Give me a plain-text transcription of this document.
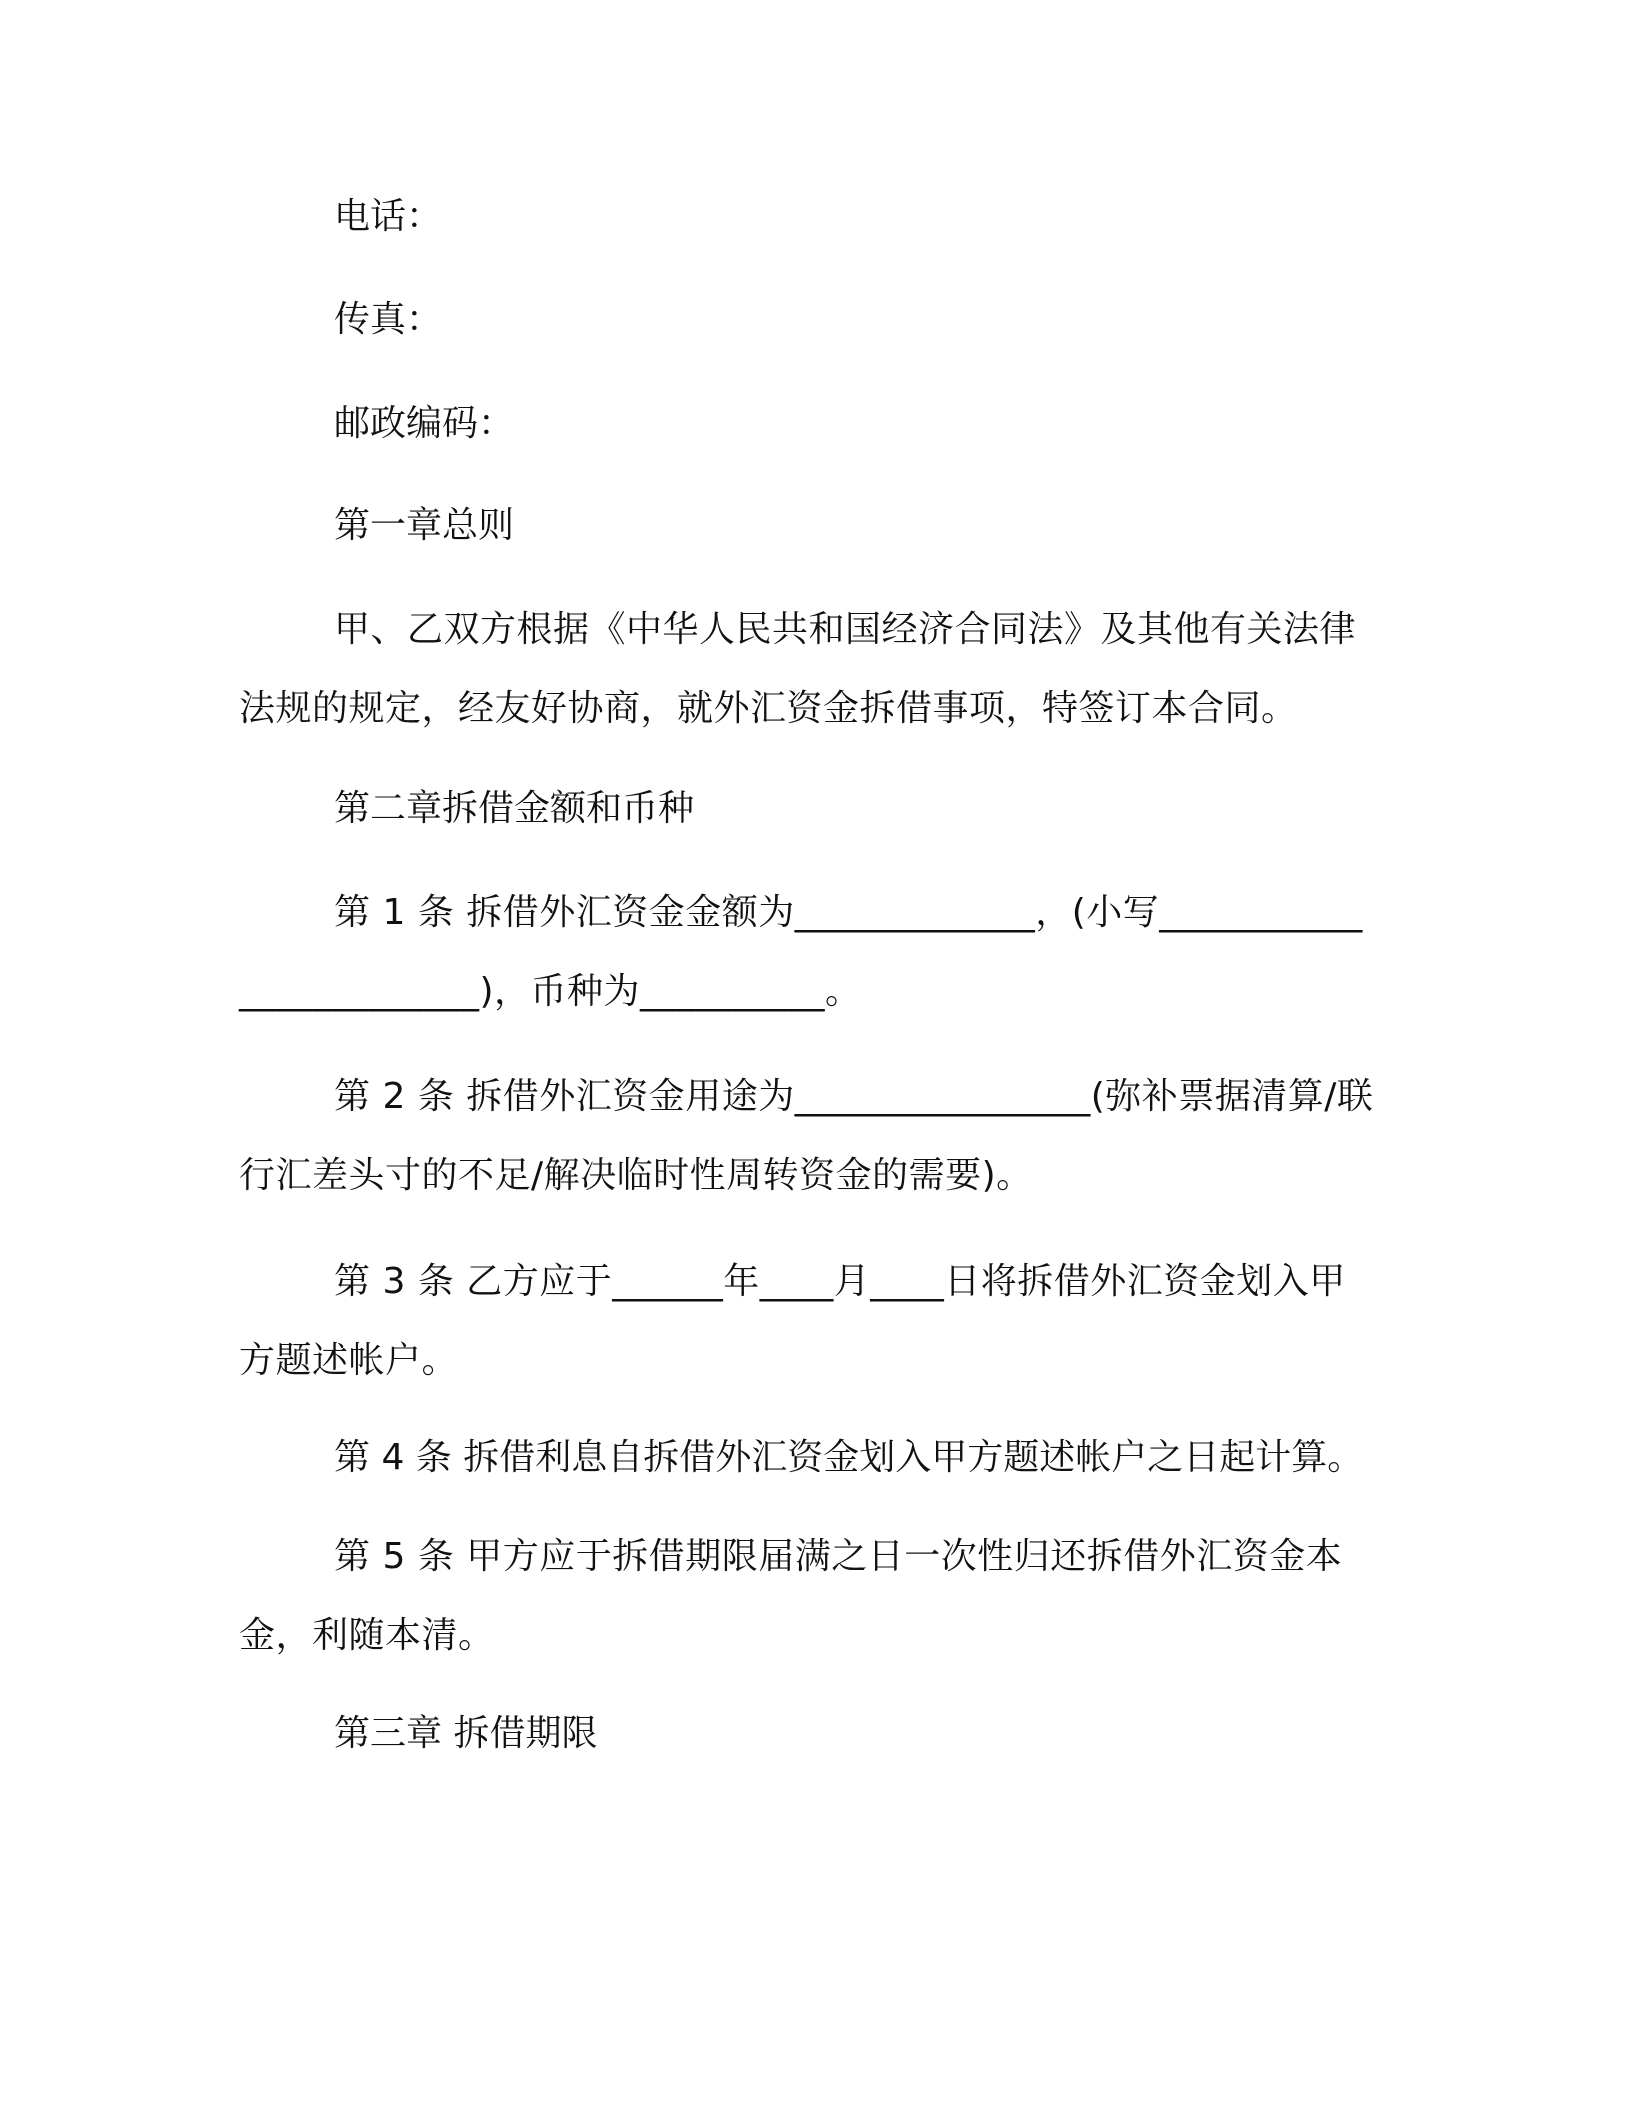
电话：
传真：
邮政编码：
第一章总则
甲、乙双方根据《中华人民共和国经济合同法》及其他有关法律法规的规定，经友好协商，就外汇资金拆借事项，特签订本合同。
第二章拆借金额和币种
第 1 条 拆借外汇资金金额为_____________，(小写________________________)，币种为__________。
第 2 条 拆借外汇资金用途为________________(弥补票据清算/联行汇差头寸的不足/解决临时性周转资金的需要)。
第 3 条 乙方应于______年____月____日将拆借外汇资金划入甲方题述帐户。
第 4 条 拆借利息自拆借外汇资金划入甲方题述帐户之日起计算。
第 5 条 甲方应于拆借期限届满之日一次性归还拆借外汇资金本金，利随本清。
第三章 拆借期限
